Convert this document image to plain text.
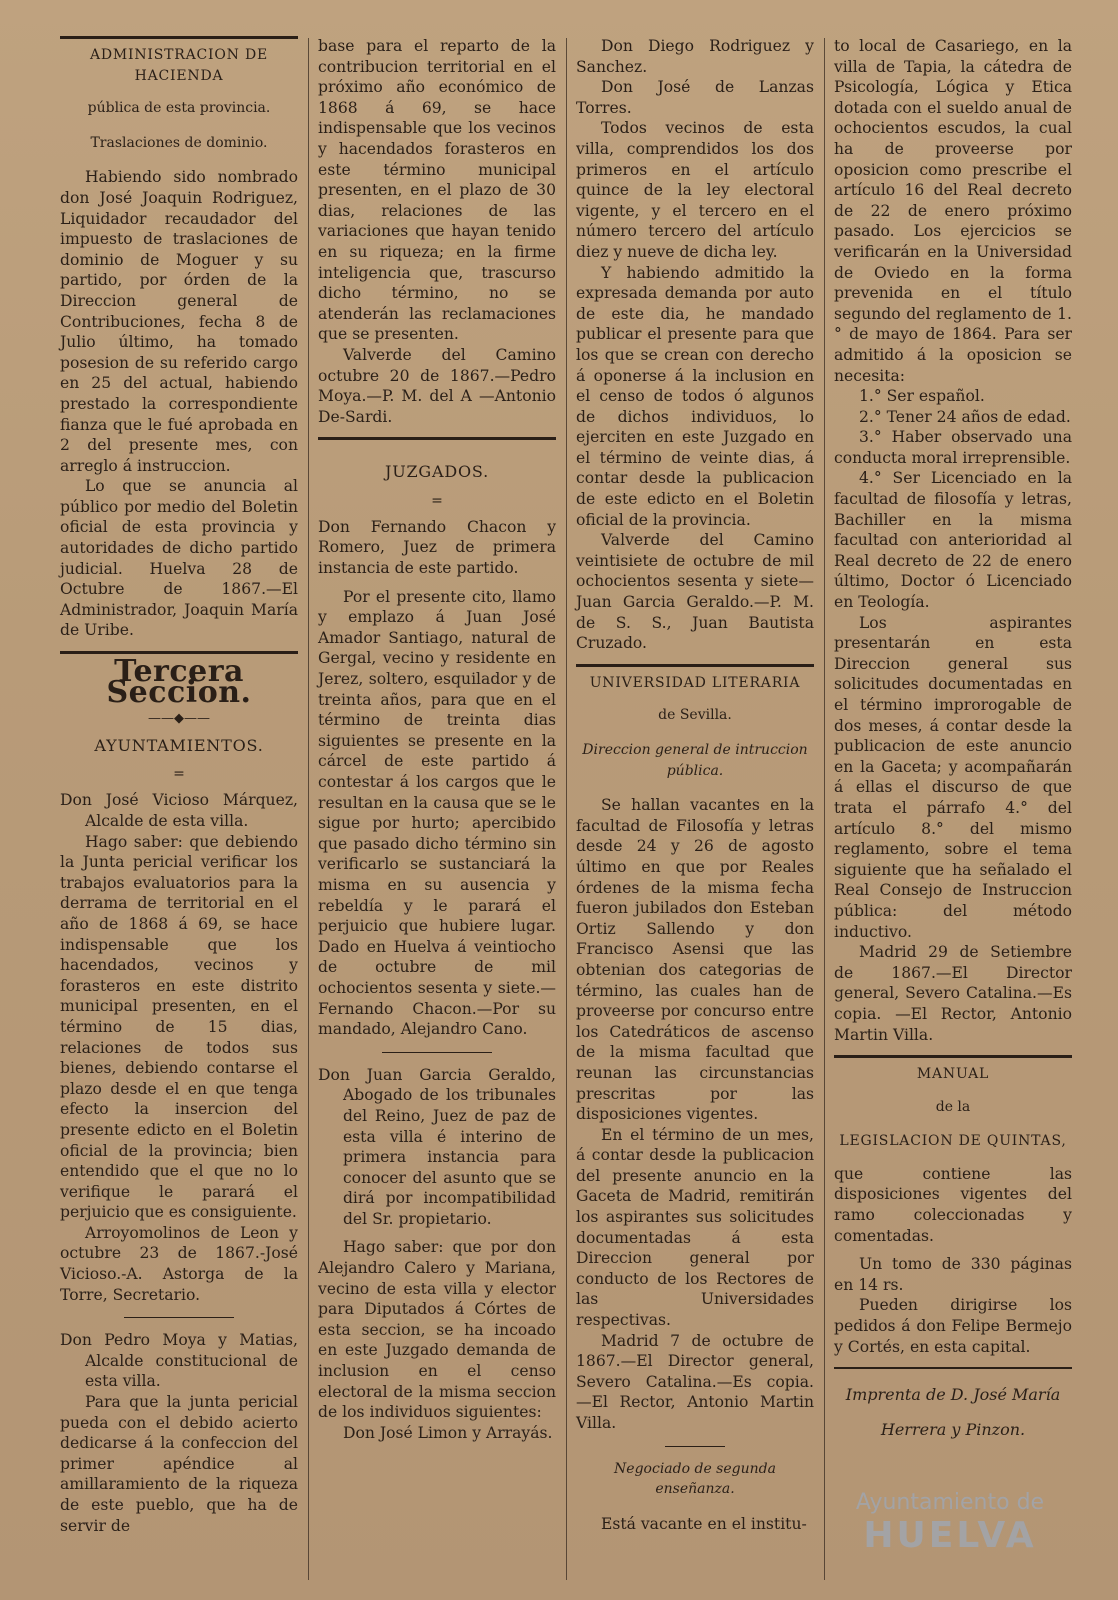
ADMINISTRACION DE HACIENDA
pública de esta provincia.
Traslaciones de dominio.

Habiendo sido nombrado don José Joaquin Rodriguez, Liquidador recaudador del impuesto de traslaciones de dominio de Moguer y su partido, por órden de la Direccion general de Contribuciones, fecha 8 de Julio último, ha tomado posesion de su referido cargo en 25 del actual, habiendo prestado la correspondiente fianza que le fué aprobada en 2 del presente mes, con arreglo á instruccion.

Lo que se anuncia al público por medio del Boletin oficial de esta provincia y autoridades de dicho partido judicial. Huelva 28 de Octubre de 1867.—El Administrador, Joaquin María de Uribe.

Tercera Seccion.
——◆——
AYUNTAMIENTOS.
=

Don José Vicioso Márquez, Alcalde de esta villa.

Hago saber: que debiendo la Junta pericial verificar los trabajos evaluatorios para la derrama de territorial en el año de 1868 á 69, se hace indispensable que los hacendados, vecinos y forasteros en este distrito municipal presenten, en el término de 15 dias, relaciones de todos sus bienes, debiendo contarse el plazo desde el en que tenga efecto la insercion del presente edicto en el Boletin oficial de la provincia; bien entendido que el que no lo verifique le parará el perjuicio que es consiguiente.

Arroyomolinos de Leon y octubre 23 de 1867.-José Vicioso.-A. Astorga de la Torre, Secretario.

Don Pedro Moya y Matias, Alcalde constitucional de esta villa.

Para que la junta pericial pueda con el debido acierto dedicarse á la confeccion del primer apéndice al amillaramiento de la riqueza de este pueblo, que ha de servir de

base para el reparto de la contribucion territorial en el próximo año económico de 1868 á 69, se hace indispensable que los vecinos y hacendados forasteros en este término municipal presenten, en el plazo de 30 dias, relaciones de las variaciones que hayan tenido en su riqueza; en la firme inteligencia que, trascurso dicho término, no se atenderán las reclamaciones que se presenten.

Valverde del Camino octubre 20 de 1867.—Pedro Moya.—P. M. del A —Antonio De-Sardi.

JUZGADOS.
=

Don Fernando Chacon y Romero, Juez de primera instancia de este partido.

Por el presente cito, llamo y emplazo á Juan José Amador Santiago, natural de Gergal, vecino y residente en Jerez, soltero, esquilador y de treinta años, para que en el término de treinta dias siguientes se presente en la cárcel de este partido á contestar á los cargos que le resultan en la causa que se le sigue por hurto; apercibido que pasado dicho término sin verificarlo se sustanciará la misma en su ausencia y rebeldía y le parará el perjuicio que hubiere lugar. Dado en Huelva á veintiocho de octubre de mil ochocientos sesenta y siete.—Fernando Chacon.—Por su mandado, Alejandro Cano.

Don Juan Garcia Geraldo, Abogado de los tribunales del Reino, Juez de paz de esta villa é interino de primera instancia para conocer del asunto que se dirá por incompatibilidad del Sr. propietario.

Hago saber: que por don Alejandro Calero y Mariana, vecino de esta villa y elector para Diputados á Córtes de esta seccion, se ha incoado en este Juzgado demanda de inclusion en el censo electoral de la misma seccion de los individuos siguientes:

Don José Limon y Arrayás.

Don Diego Rodriguez y Sanchez.

Don José de Lanzas Torres.

Todos vecinos de esta villa, comprendidos los dos primeros en el artículo quince de la ley electoral vigente, y el tercero en el número tercero del artículo diez y nueve de dicha ley.

Y habiendo admitido la expresada demanda por auto de este dia, he mandado publicar el presente para que los que se crean con derecho á oponerse á la inclusion en el censo de todos ó algunos de dichos individuos, lo ejerciten en este Juzgado en el término de veinte dias, á contar desde la publicacion de este edicto en el Boletin oficial de la provincia.

Valverde del Camino veintisiete de octubre de mil ochocientos sesenta y siete—Juan Garcia Geraldo.—P. M. de S. S., Juan Bautista Cruzado.

UNIVERSIDAD LITERARIA
de Sevilla.
Direccion general de intruccion pública.

Se hallan vacantes en la facultad de Filosofía y letras desde 24 y 26 de agosto último en que por Reales órdenes de la misma fecha fueron jubilados don Esteban Ortiz Sallendo y don Francisco Asensi que las obtenian dos categorias de término, las cuales han de proveerse por concurso entre los Catedráticos de ascenso de la misma facultad que reunan las circunstancias prescritas por las disposiciones vigentes.

En el término de un mes, á contar desde la publicacion del presente anuncio en la Gaceta de Madrid, remitirán los aspirantes sus solicitudes documentadas á esta Direccion general por conducto de los Rectores de las Universidades respectivas.

Madrid 7 de octubre de 1867.—El Director general, Severo Catalina.—Es copia. —El Rector, Antonio Martin Villa.

Negociado de segunda enseñanza.

Está vacante en el institu-

to local de Casariego, en la villa de Tapia, la cátedra de Psicología, Lógica y Etica dotada con el sueldo anual de ochocientos escudos, la cual ha de proveerse por oposicion como prescribe el artículo 16 del Real decreto de 22 de enero próximo pasado. Los ejercicios se verificarán en la Universidad de Oviedo en la forma prevenida en el título segundo del reglamento de 1.° de mayo de 1864. Para ser admitido á la oposicion se necesita:

1.° Ser español.

2.° Tener 24 años de edad.

3.° Haber observado una conducta moral irreprensible.

4.° Ser Licenciado en la facultad de filosofía y letras, Bachiller en la misma facultad con anterioridad al Real decreto de 22 de enero último, Doctor ó Licenciado en Teología.

Los aspirantes presentarán en esta Direccion general sus solicitudes documentadas en el término improrogable de dos meses, á contar desde la publicacion de este anuncio en la Gaceta; y acompañarán á ellas el discurso de que trata el párrafo 4.° del artículo 8.° del mismo reglamento, sobre el tema siguiente que ha señalado el Real Consejo de Instruccion pública: del método inductivo.

Madrid 29 de Setiembre de 1867.—El Director general, Severo Catalina.—Es copia. —El Rector, Antonio Martin Villa.

MANUAL
de la
LEGISLACION DE QUINTAS,

que contiene las disposiciones vigentes del ramo coleccionadas y comentadas.

Un tomo de 330 páginas en 14 rs.

Pueden dirigirse los pedidos á don Felipe Bermejo y Cortés, en esta capital.

Imprenta de D. José María
Herrera y Pinzon.
Ayuntamiento de
HUELVA
